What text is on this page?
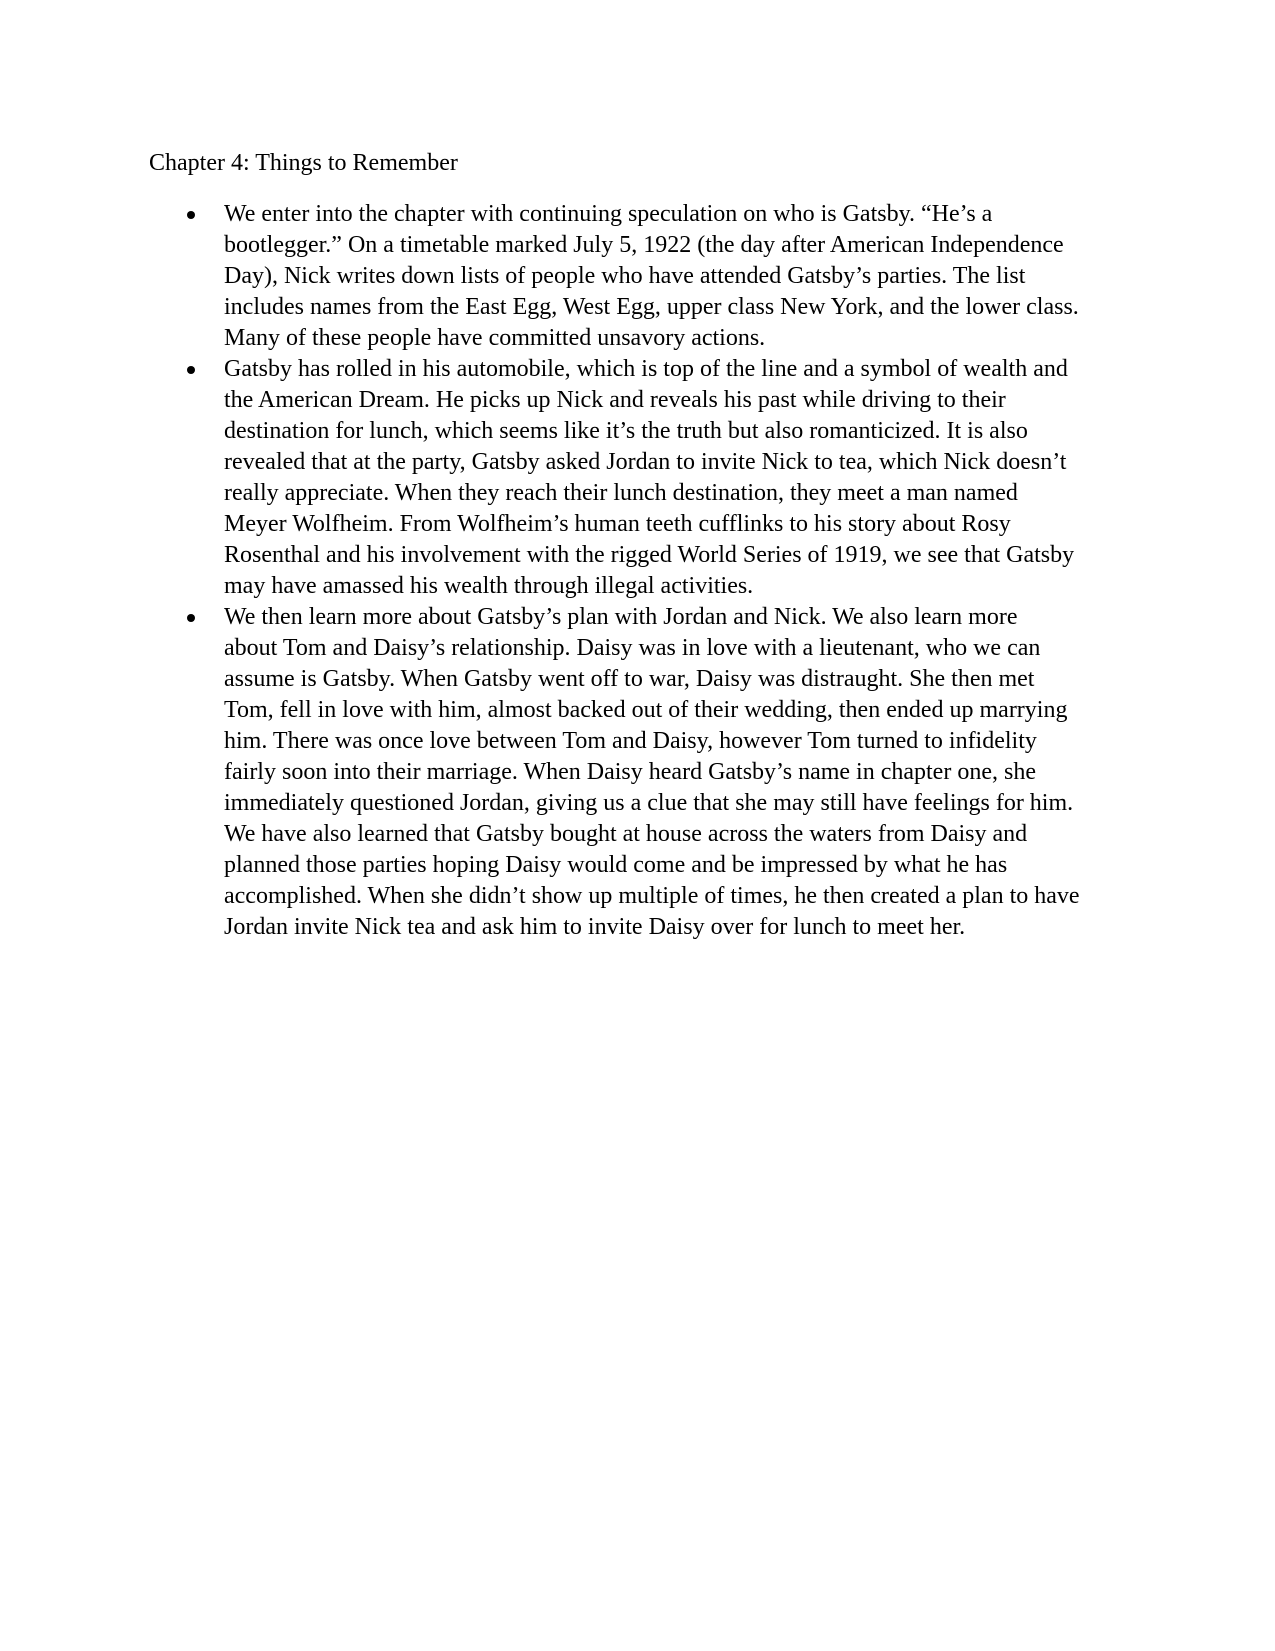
Chapter 4: Things to Remember
We enter into the chapter with continuing speculation on who is Gatsby. “He’s a
bootlegger.” On a timetable marked July 5, 1922 (the day after American Independence
Day), Nick writes down lists of people who have attended Gatsby’s parties. The list
includes names from the East Egg, West Egg, upper class New York, and the lower class.
Many of these people have committed unsavory actions.
Gatsby has rolled in his automobile, which is top of the line and a symbol of wealth and
the American Dream. He picks up Nick and reveals his past while driving to their
destination for lunch, which seems like it’s the truth but also romanticized. It is also
revealed that at the party, Gatsby asked Jordan to invite Nick to tea, which Nick doesn’t
really appreciate. When they reach their lunch destination, they meet a man named
Meyer Wolfheim. From Wolfheim’s human teeth cufflinks to his story about Rosy
Rosenthal and his involvement with the rigged World Series of 1919, we see that Gatsby
may have amassed his wealth through illegal activities.
We then learn more about Gatsby’s plan with Jordan and Nick. We also learn more
about Tom and Daisy’s relationship. Daisy was in love with a lieutenant, who we can
assume is Gatsby. When Gatsby went off to war, Daisy was distraught. She then met
Tom, fell in love with him, almost backed out of their wedding, then ended up marrying
him. There was once love between Tom and Daisy, however Tom turned to infidelity
fairly soon into their marriage. When Daisy heard Gatsby’s name in chapter one, she
immediately questioned Jordan, giving us a clue that she may still have feelings for him.
We have also learned that Gatsby bought at house across the waters from Daisy and
planned those parties hoping Daisy would come and be impressed by what he has
accomplished. When she didn’t show up multiple of times, he then created a plan to have
Jordan invite Nick tea and ask him to invite Daisy over for lunch to meet her.
